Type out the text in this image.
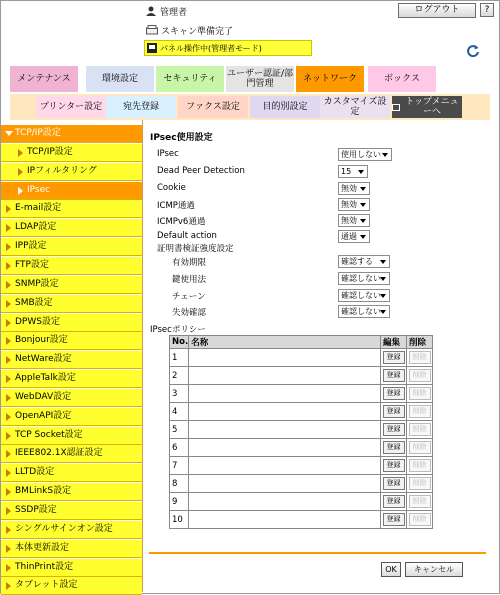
管理者	ログアウト	?
スキャン準備完了
パネル操作中(管理者モード)
メンテナンス	環境設定	セキュリティ ユーザー認証/部門管理	ネットワーク	ボックス
プリンター設定 宛先登録	ファクス設定	目的別設定	カスタマイズ設定
トップメニューへ
TCP/IP設定
TCP/IP設定
IPフィルタリング
IPsec
E-mail設定
LDAP設定
IPP設定
FTP設定
SNMP設定
SMB設定
DPWS設定
Bonjour設定
NetWare設定
AppleTalk設定
WebDAV設定
OpenAPI設定
TCP Socket設定
IEEE802.1X認証設定
LLTD設定
BMLinkS設定
SSDP設定
シングルサインオン設定
本体更新設定
ThinPrint設定
タブレット設定
IPsec使用設定
IPsecポリシー
No.	名称	編集	削除
1		登録	削除
2		登録	削除
3		登録	削除
4		登録	削除
5		登録	削除
6		登録	削除
7		登録	削除
8		登録	削除
9		登録	削除
10		登録	削除
OK	キャンセル
IPsec	使用しない
Dead Peer Detection	15
Cookie	無効
ICMP通過	無効
ICMPv6通過	無効
Default action	通過
証明書検証強度設定
有効期限	確認する
鍵使用法	確認しない
チェーン	確認しない
失効確認	確認しない
